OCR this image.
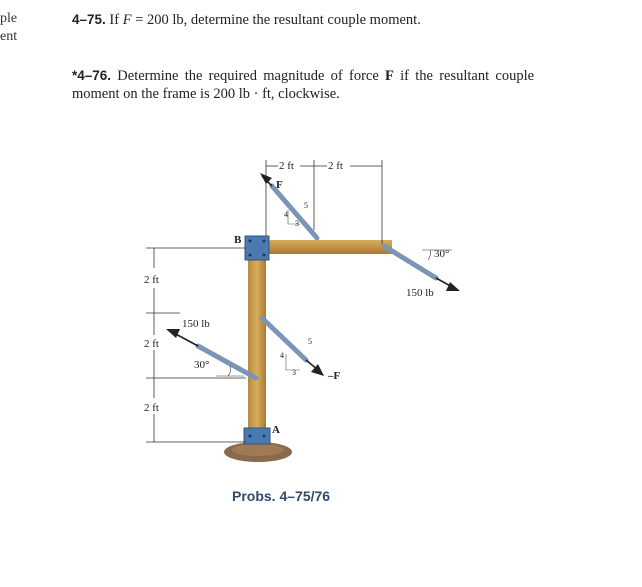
ple
ent
4–75. If F = 200 lb, determine the resultant couple moment.
*4–76. Determine the required magnitude of force F if the resultant couple moment on the frame is 200 lb · ft, clockwise.
2 ft	2 ft
F
4
5
3
B
30°
150 lb
150 lb
30°
–F
5
4
3
A
2 ft
2 ft
2 ft
Probs. 4–75/76
